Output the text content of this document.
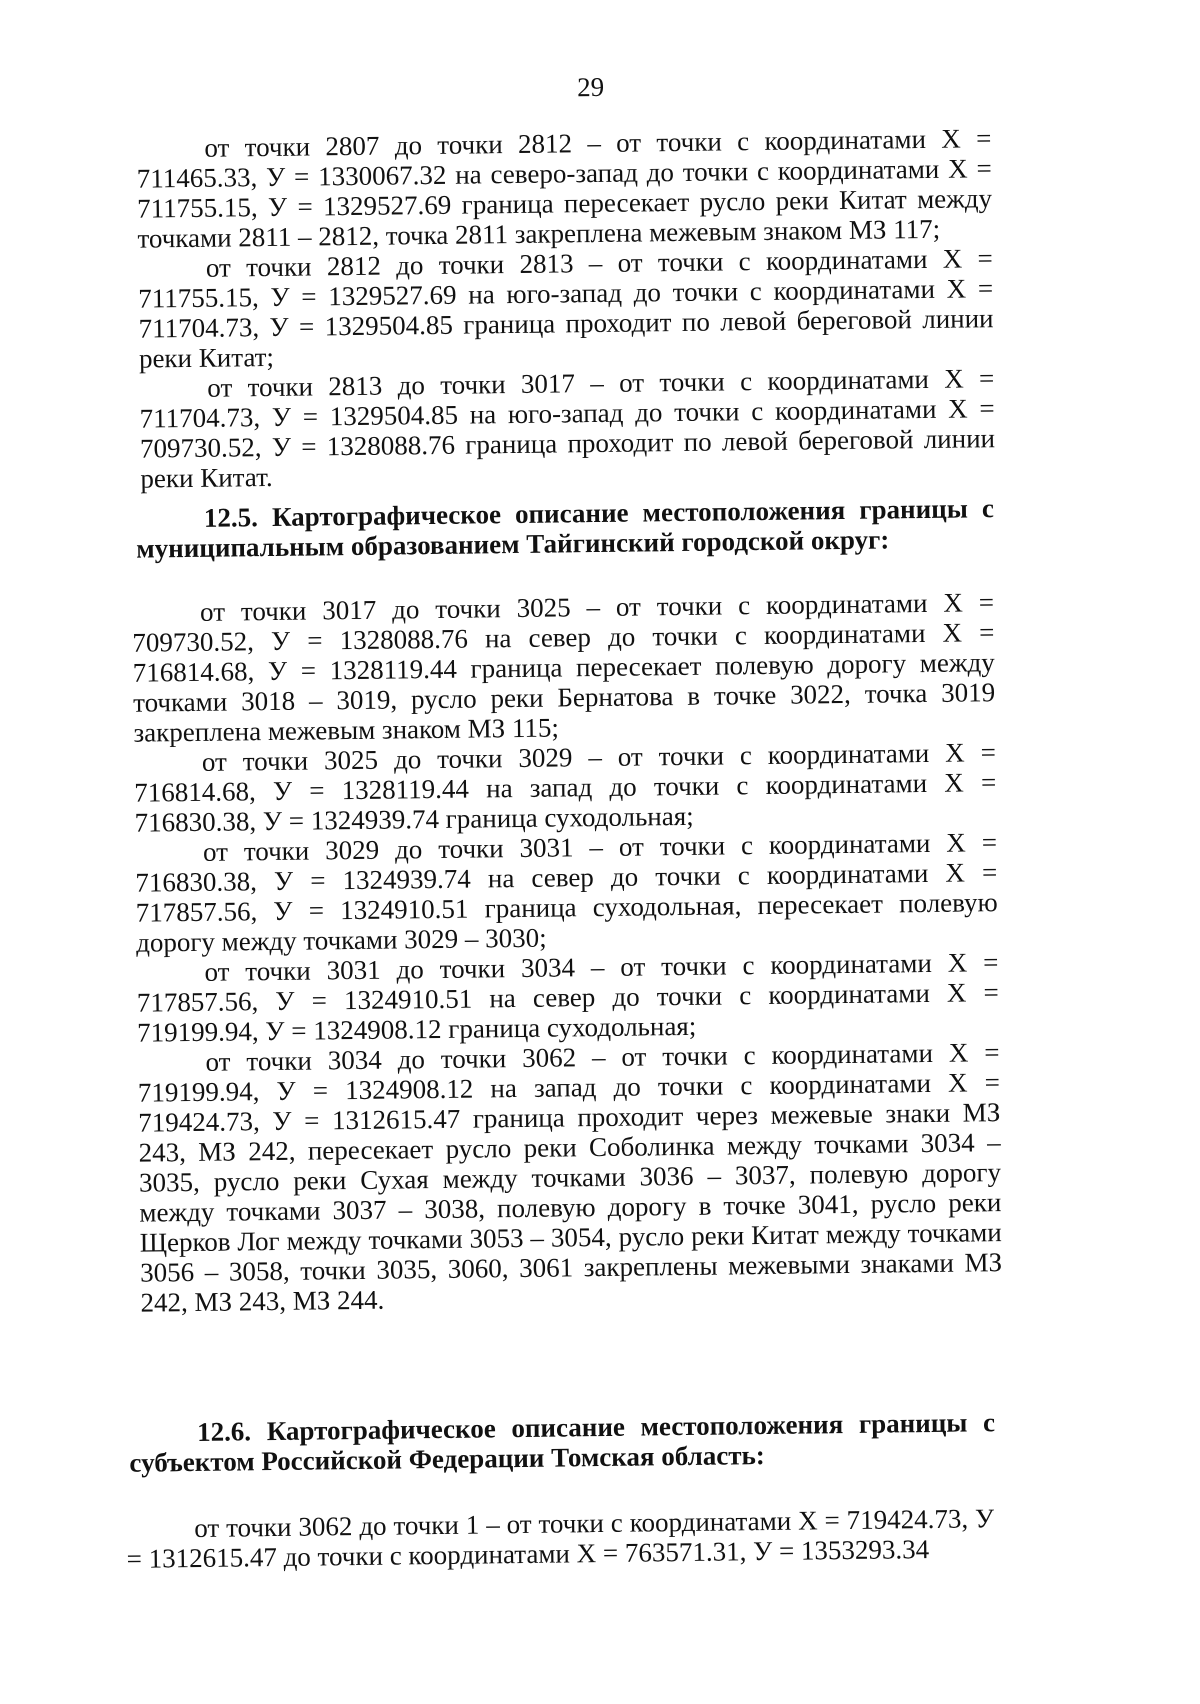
29

от точки 2807 до точки 2812 – от точки с координатами X = 711465.33, У = 1330067.32 на северо-запад до точки с координатами X = 711755.15, У = 1329527.69 граница пересекает русло реки Китат между точками 2811 – 2812, точка 2811 закреплена межевым знаком МЗ 117;

от точки 2812 до точки 2813 – от точки с координатами X = 711755.15, У = 1329527.69 на юго-запад до точки с координатами X = 711704.73, У = 1329504.85 граница проходит по левой береговой линии реки Китат;

от точки 2813 до точки 3017 – от точки с координатами X = 711704.73, У = 1329504.85 на юго-запад до точки с координатами X = 709730.52, У = 1328088.76 граница проходит по левой береговой линии реки Китат.

12.5. Картографическое описание местоположения границы с муниципальным образованием Тайгинский городской округ:

от точки 3017 до точки 3025 – от точки с координатами X = 709730.52, У = 1328088.76 на север до точки с координатами X = 716814.68, У = 1328119.44 граница пересекает полевую дорогу между точками 3018 – 3019, русло реки Бернатова в точке 3022, точка 3019 закреплена межевым знаком МЗ 115;

от точки 3025 до точки 3029 – от точки с координатами X = 716814.68, У = 1328119.44 на запад до точки с координатами X = 716830.38, У = 1324939.74 граница суходольная;

от точки 3029 до точки 3031 – от точки с координатами X = 716830.38, У = 1324939.74 на север до точки с координатами X = 717857.56, У = 1324910.51 граница суходольная, пересекает полевую дорогу между точками 3029 – 3030;

от точки 3031 до точки 3034 – от точки с координатами X = 717857.56, У = 1324910.51 на север до точки с координатами X = 719199.94, У = 1324908.12 граница суходольная;

от точки 3034 до точки 3062 – от точки с координатами X = 719199.94, У = 1324908.12 на запад до точки с координатами X = 719424.73, У = 1312615.47 граница проходит через межевые знаки МЗ 243, МЗ 242, пересекает русло реки Соболинка между точками 3034 – 3035, русло реки Сухая между точками 3036 – 3037, полевую дорогу между точками 3037 – 3038, полевую дорогу в точке 3041, русло реки Щерков Лог между точками 3053 – 3054, русло реки Китат между точками 3056 – 3058, точки 3035, 3060, 3061 закреплены межевыми знаками МЗ 242, МЗ 243, МЗ 244.

12.6. Картографическое описание местоположения границы с субъектом Российской Федерации Томская область:

от точки 3062 до точки 1 – от точки с координатами X = 719424.73, У = 1312615.47 до точки с координатами X = 763571.31, У = 1353293.34
